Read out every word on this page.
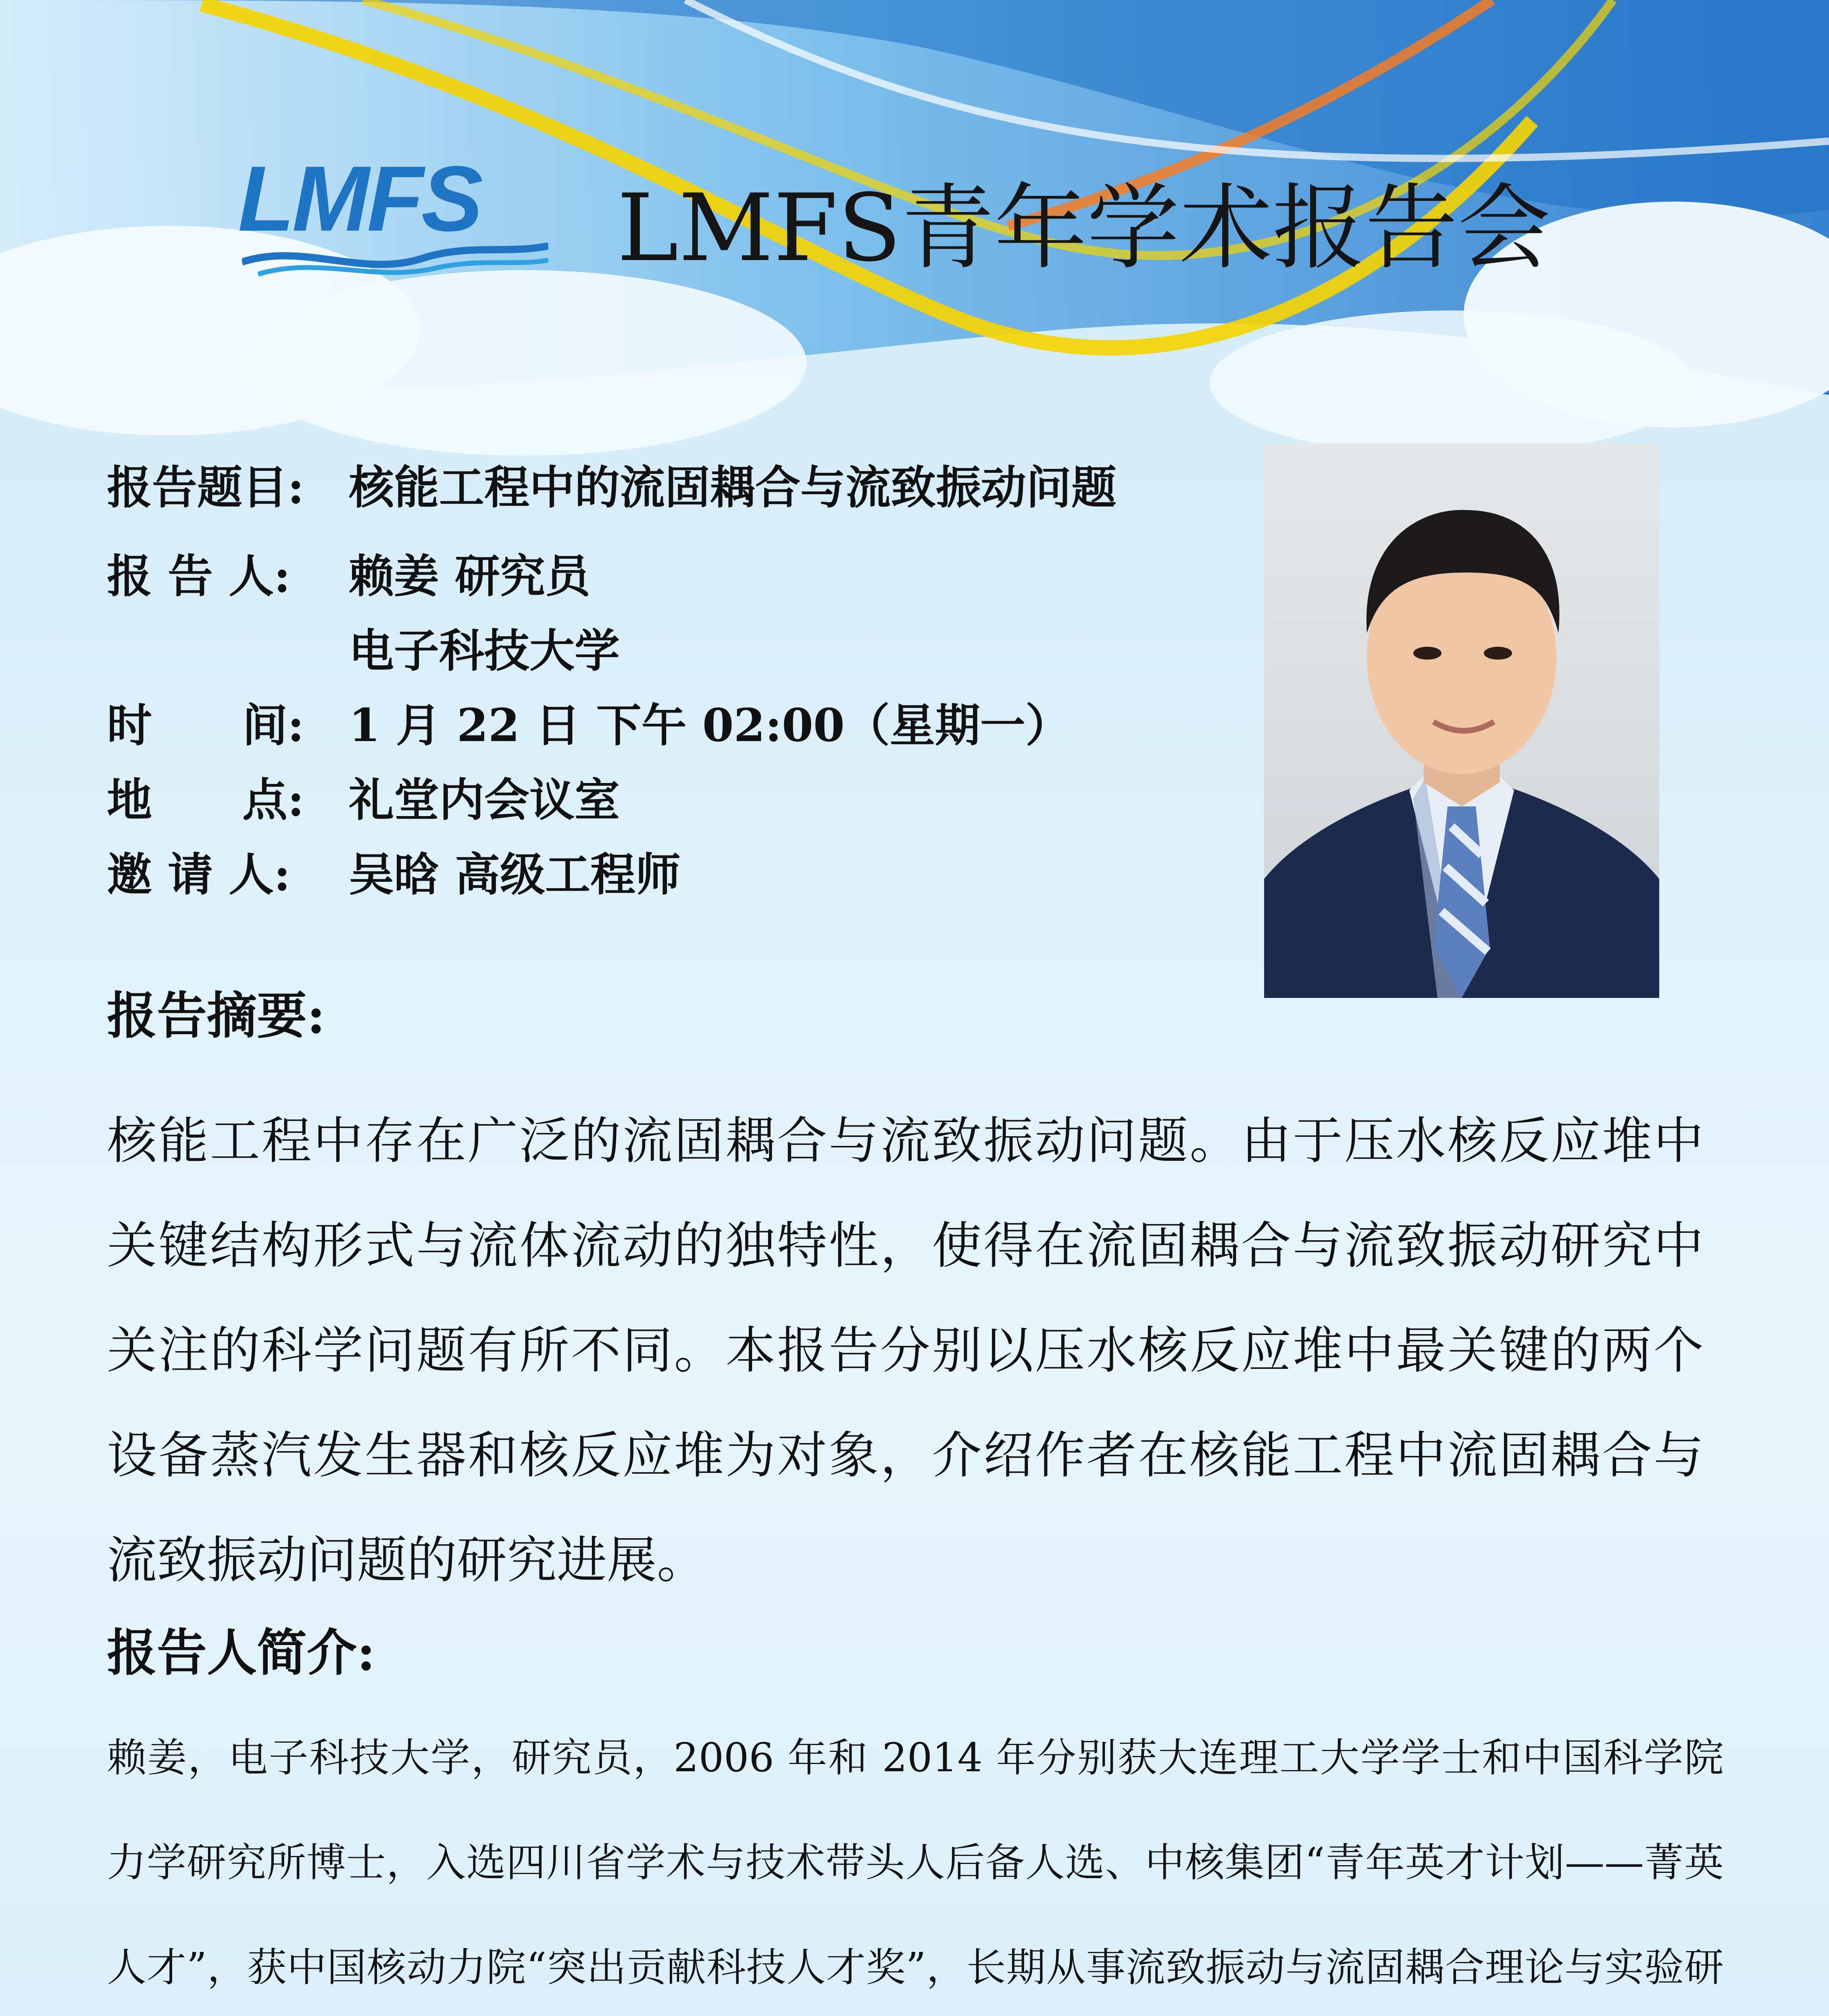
LMFS LMFS青年学术报告会
报告题目: 核能工程中的流固耦合与流致振动问题
报 告 人: 赖姜 研究员
电子科技大学
时　　间: 1 月 22 日 下午 02:00（星期一）
地　　点: 礼堂内会议室
邀 请 人: 吴晗 高级工程师
报告摘要:
核能工程中存在广泛的流固耦合与流致振动问题。由于压水核反应堆中关键结构形式与流体流动的独特性，使得在流固耦合与流致振动研究中关注的科学问题有所不同。本报告分别以压水核反应堆中最关键的两个设备蒸汽发生器和核反应堆为对象，介绍作者在核能工程中流固耦合与流致振动问题的研究进展。
报告人简介:
赖姜，电子科技大学，研究员，2006 年和 2014 年分别获大连理工大学学士和中国科学院力学研究所博士，入选四川省学术与技术带头人后备人选、中核集团“青年英才计划——菁英人才”，获中国核动力院“突出贡献科技人才奖”，长期从事流致振动与流固耦合理论与实验研
